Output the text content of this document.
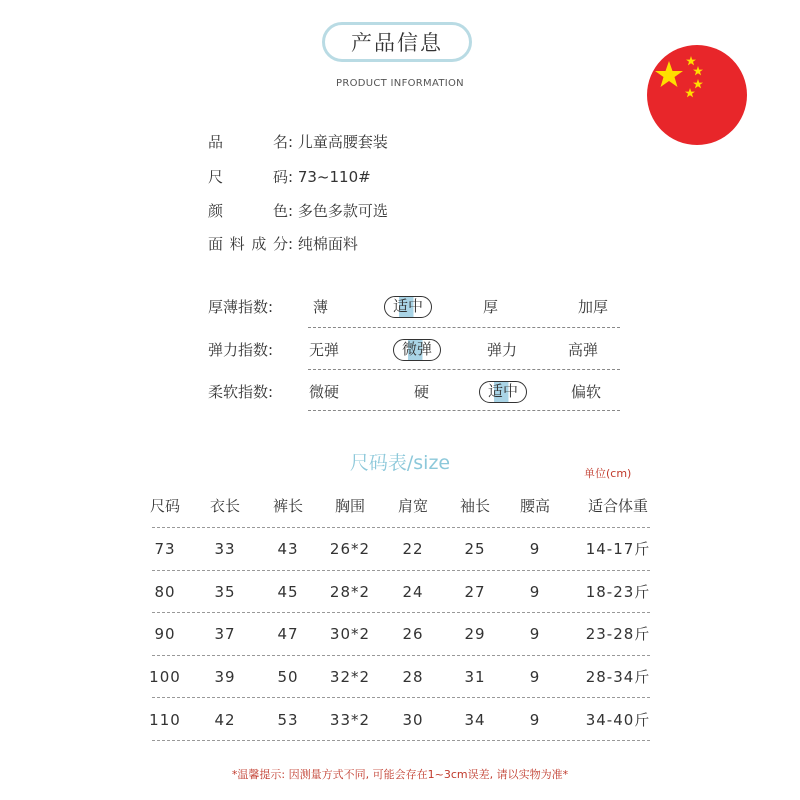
产品信息
PRODUCT INFORMATION
品名: 儿童高腰套装
尺码: 73~110#
颜色: 多色多款可选
面料成分: 纯棉面料
厚薄指数:	薄	适中	厚	加厚
弹力指数: 无弹	微弹	弹力	高弹
柔软指数: 微硬	硬	适中	偏软
尺码表/size	单位(cm)
尺码	衣长	裤长	胸围	肩宽	袖长	腰高	适合体重
73	33	43	26*2	22	25	9	14-17斤
80	35	45	28*2	24	27	9	18-23斤
90	37	47	30*2	26	29	9	23-28斤
100	39	50	32*2	28	31	9	28-34斤
110	42	53	33*2	30	34	9	34-40斤
*温馨提示: 因测量方式不同, 可能会存在1~3cm误差, 请以实物为准*
